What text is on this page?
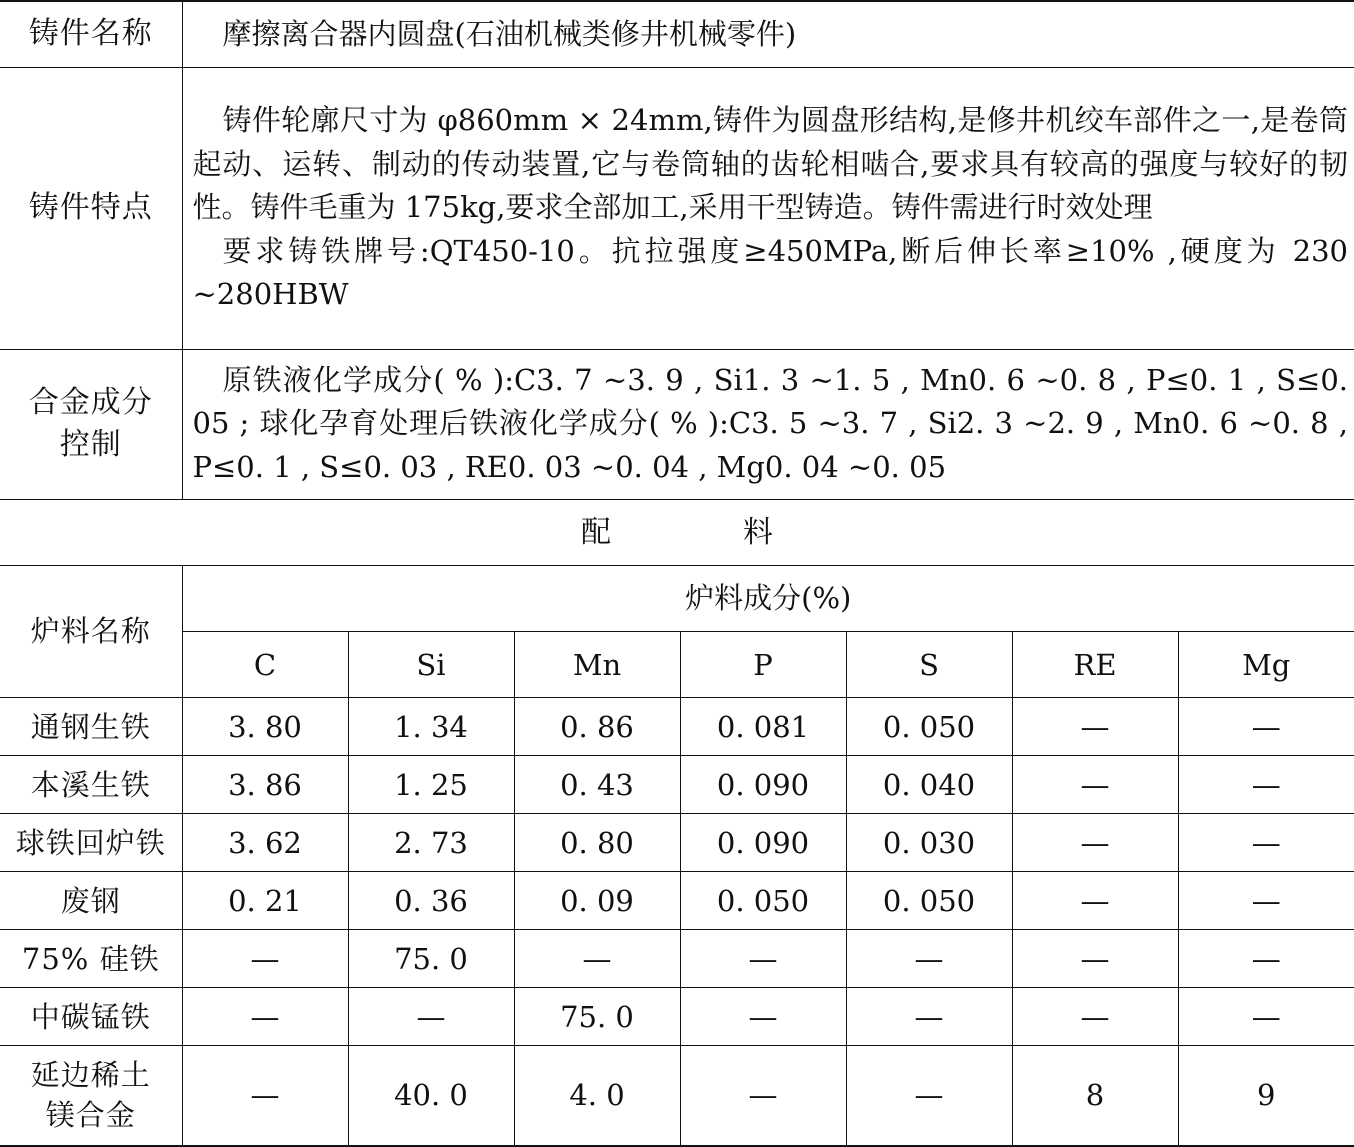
铸件名称	摩擦离合器内圆盘(石油机械类修井机械零件)

铸件特点	铸件轮廓尺寸为 φ860mm × 24mm,铸件为圆盘形结构,是修井机绞车部件之一,是卷筒起动、运转、制动的传动装置,它与卷筒轴的齿轮相啮合,要求具有较高的强度与较好的韧性。铸件毛重为 175kg,要求全部加工,采用干型铸造。铸件需进行时效处理

要求铸铁牌号:QT450-10。抗拉强度≥450MPa,断后伸长率≥10% ,硬度为 230 ~280HBW

合金成分
控制	原铁液化学成分( % ):C3. 7 ~3. 9 , Si1. 3 ~1. 5 , Mn0. 6 ~0. 8 , P≤0. 1 , S≤0. 05 ; 球化孕育处理后铁液化学成分( % ):C3. 5 ~3. 7 , Si2. 3 ~2. 9 , Mn0. 6 ~0. 8 , P≤0. 1 , S≤0. 03 , RE0. 03 ~0. 04 , Mg0. 04 ~0. 05

配	料
炉料名称	炉料成分(%)						
	C	Si	Mn	P	S	RE	Mg
通钢生铁	3. 80	1. 34	0. 86	0. 081	0. 050	—	—
本溪生铁	3. 86	1. 25	0. 43	0. 090	0. 040	—	—
球铁回炉铁	3. 62	2. 73	0. 80	0. 090	0. 030	—	—
废钢	0. 21	0. 36	0. 09	0. 050	0. 050	—	—
75% 硅铁	—	75. 0	—	—	—	—	—
中碳锰铁	—	—	75. 0	—	—	—	—

延边稀土
镁合金	—	40. 0	4. 0	—	—	8	9
